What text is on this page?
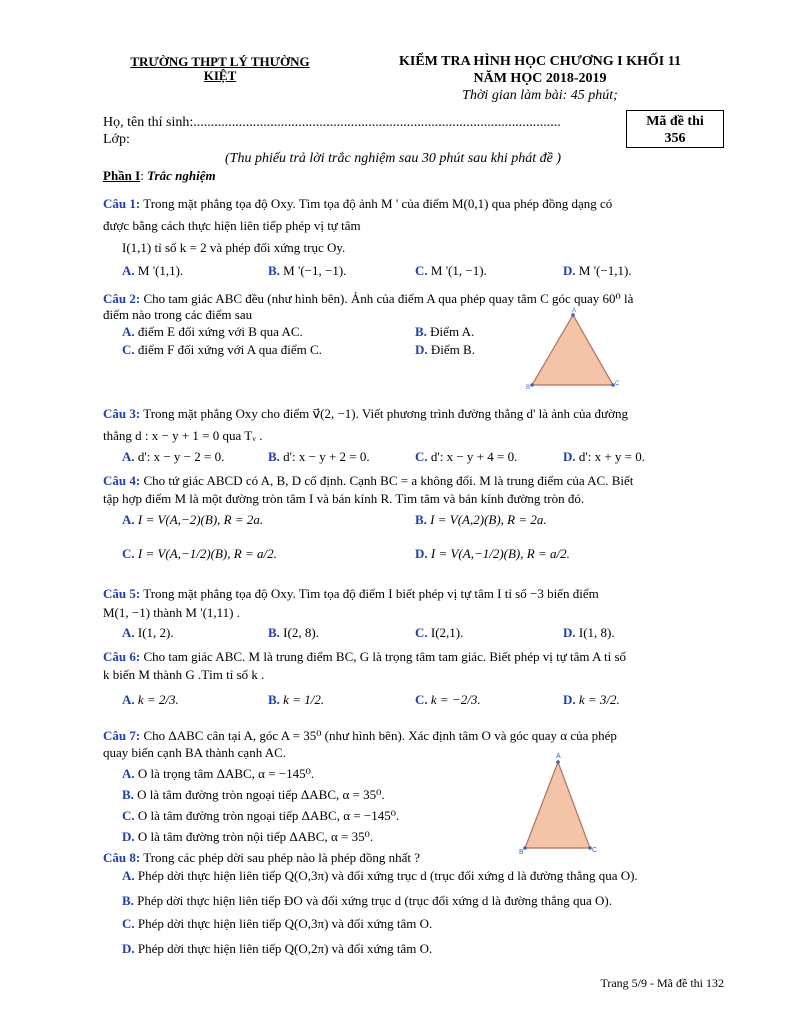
TRƯỜNG THPT LÝ THƯỜNG
KIỆT
KIỂM TRA HÌNH HỌC CHƯƠNG I KHỐI 11
NĂM HỌC 2018-2019
Thời gian làm bài: 45 phút;
Họ, tên thí sinh:.........................................................................................................
Lớp:
Mã đề thi
356
(Thu phiếu trả lời trắc nghiệm sau 30 phút sau khi phát đề )
Phần I: Trắc nghiệm
Câu 1: Trong mặt phẳng tọa độ Oxy. Tìm tọa độ ảnh M ' của điểm M(0,1) qua phép đồng dạng có
được bằng cách thực hiện liên tiếp phép vị tự tâm
I(1,1) tỉ số k = 2 và phép đối xứng trục Oy.
A. M '(1,1).	B. M '(−1, −1).	C. M '(1, −1).	D. M '(−1,1).
Câu 2: Cho tam giác ABC đều (như hình bên). Ảnh của điểm A qua phép quay tâm C góc quay 60⁰ là
điểm nào trong các điểm sau
A. điểm E đối xứng với B qua AC.	B. Điểm A.
C. điểm F đối xứng với A qua điểm C.	D. Điểm B.
A
B
C
Câu 3: Trong mặt phẳng Oxy cho điểm v⃗(2, −1). Viết phương trình đường thẳng d' là ảnh của đường
thẳng d : x − y + 1 = 0 qua Tᵥ .
A. d': x − y − 2 = 0.	B. d': x − y + 2 = 0.	C. d': x − y + 4 = 0.	D. d': x + y = 0.
Câu 4: Cho tứ giác ABCD có A, B, D cố định. Cạnh BC = a không đổi. M là trung điểm của AC. Biết
tập hợp điểm M là một đường tròn tâm I và bán kính R. Tìm tâm và bán kính đường tròn đó.
A. I = V(A,−2)(B), R = 2a.	B. I = V(A,2)(B), R = 2a.
C. I = V(A,−1/2)(B), R = a/2.	D. I = V(A,−1/2)(B), R = a/2.
Câu 5: Trong mặt phẳng tọa độ Oxy. Tìm tọa độ điểm I biết phép vị tự tâm I tỉ số −3 biến điểm
M(1, −1) thành M '(1,11) .
A. I(1, 2).	B. I(2, 8).	C. I(2,1).	D. I(1, 8).
Câu 6: Cho tam giác ABC. M là trung điểm BC, G là trọng tâm tam giác. Biết phép vị tự tâm A tỉ số
k biến M thành G .Tìm tỉ số k .
A. k = 2/3.	B. k = 1/2.	C. k = −2/3.	D. k = 3/2.
Câu 7: Cho ΔABC cân tại A, góc A = 35⁰ (như hình bên). Xác định tâm O và góc quay α của phép
quay biến cạnh BA thành cạnh AC.
A. O là trọng tâm ΔABC, α = −145⁰.
B. O là tâm đường tròn ngoại tiếp ΔABC, α = 35⁰.
C. O là tâm đường tròn ngoại tiếp ΔABC, α = −145⁰.
D. O là tâm đường tròn nội tiếp ΔABC, α = 35⁰.
A
B	C
Câu 8: Trong các phép dời sau phép nào là phép đồng nhất ?
A. Phép dời thực hiện liên tiếp Q(O,3π) và đối xứng trục d (trục đối xứng d là đường thẳng qua O).
B. Phép dời thực hiện liên tiếp ĐO và đối xứng trục d (trục đối xứng d là đường thẳng qua O).
C. Phép dời thực hiện liên tiếp Q(O,3π) và đối xứng tâm O.
D. Phép dời thực hiện liên tiếp Q(O,2π) và đối xứng tâm O.
Trang 5/9 - Mã đề thi 132
